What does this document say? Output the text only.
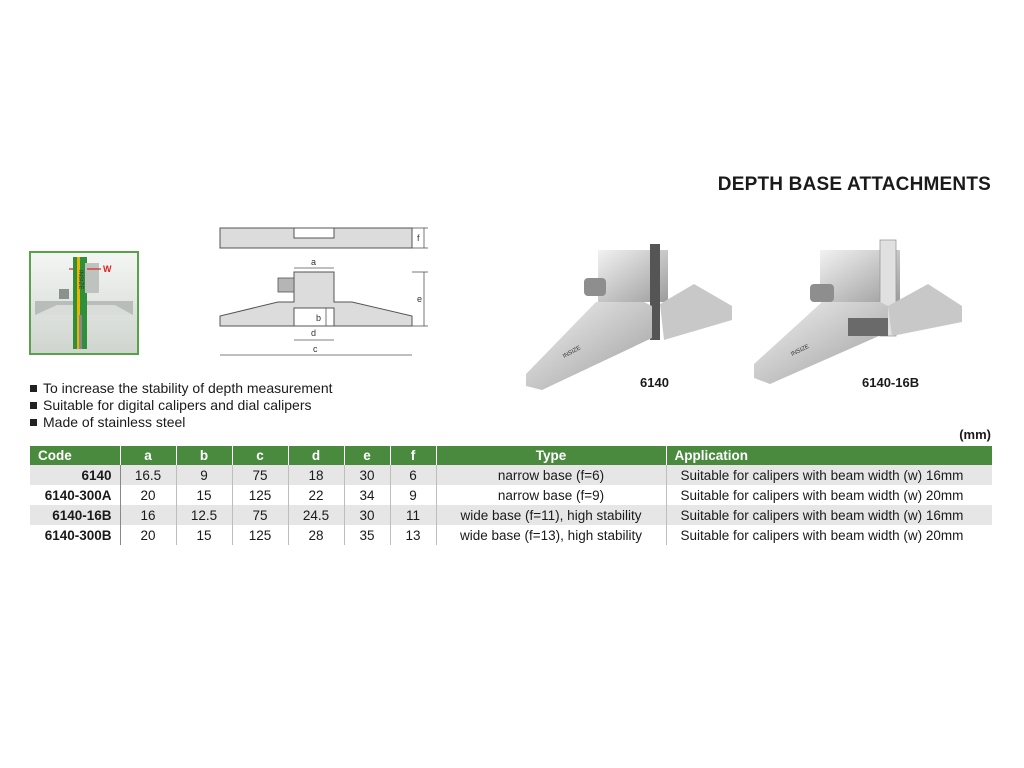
DEPTH BASE ATTACHMENTS
INSIZE
W
f
a
b
d
c
e
INSIZE
6140
INSIZE
6140-16B
To increase the stability of depth measurement
Suitable for digital calipers and dial calipers
Made of stainless steel
(mm)
Code	a	b	c	d	e	f	Type	Application
6140	16.5	9	75	18	30	6	narrow base (f=6)	Suitable for calipers with beam width (w) 16mm
6140-300A	20	15	125	22	34	9	narrow base (f=9)	Suitable for calipers with beam width (w) 20mm
6140-16B	16	12.5	75	24.5	30	11	wide base (f=11), high stability	Suitable for calipers with beam width (w) 16mm
6140-300B	20	15	125	28	35	13	wide base (f=13), high stability	Suitable for calipers with beam width (w) 20mm
